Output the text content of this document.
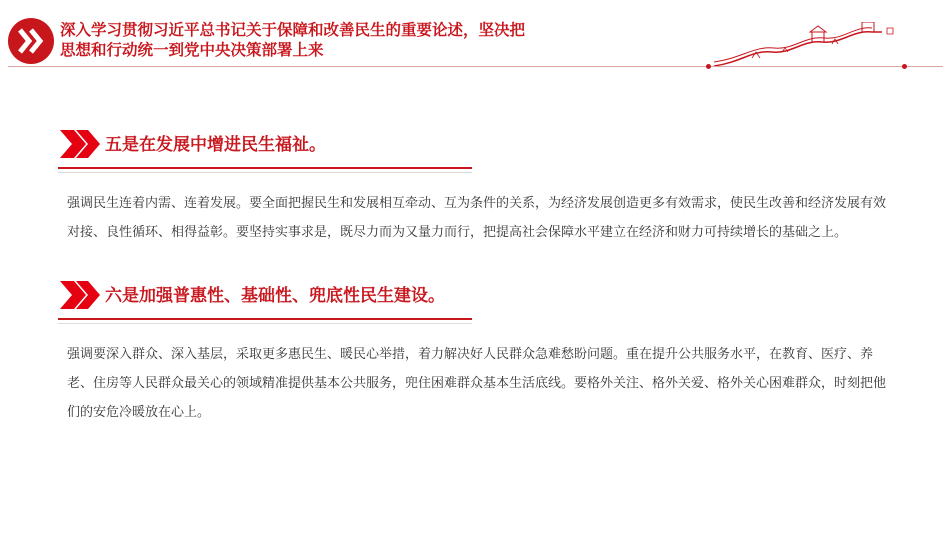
深入学习贯彻习近平总书记关于保障和改善民生的重要论述，坚决把思想和行动统一到党中央决策部署上来
五是在发展中增进民生福祉。
强调民生连着内需、连着发展。要全面把握民生和发展相互牵动、互为条件的关系，为经济发展创造更多有效需求，使民生改善和经济发展有效对接、良性循环、相得益彰。要坚持实事求是，既尽力而为又量力而行，把提高社会保障水平建立在经济和财力可持续增长的基础之上。
六是加强普惠性、基础性、兜底性民生建设。
强调要深入群众、深入基层，采取更多惠民生、暖民心举措，着力解决好人民群众急难愁盼问题。重在提升公共服务水平，在教育、医疗、养老、住房等人民群众最关心的领域精准提供基本公共服务，兜住困难群众基本生活底线。要格外关注、格外关爱、格外关心困难群众，时刻把他们的安危冷暖放在心上。
